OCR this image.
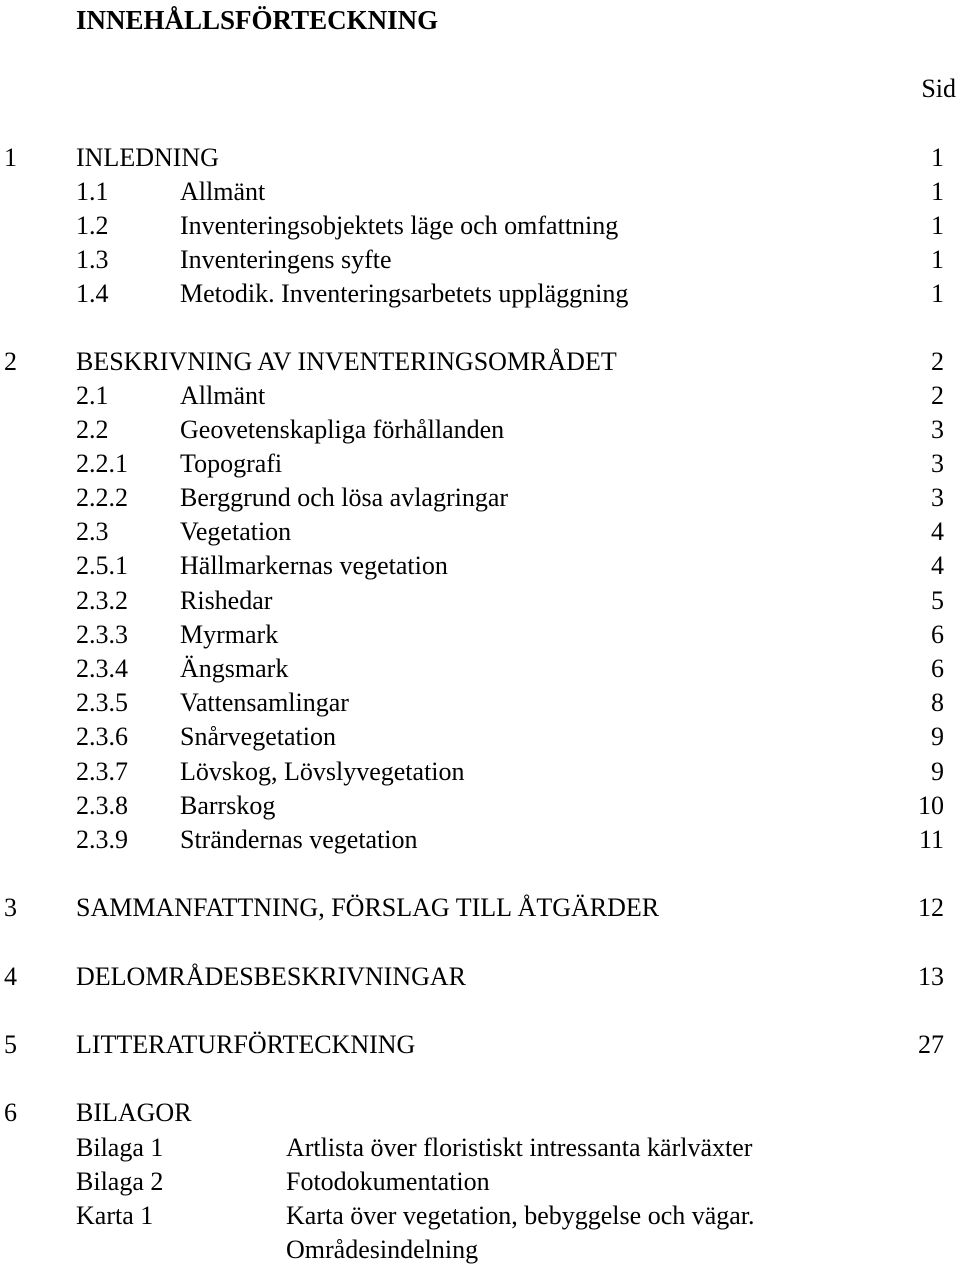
INNEHÅLLSFÖRTECKNING
Sid
1 INLEDNING	1
1.1	Allmänt	1
1.2	Inventeringsobjektets läge och omfattning	1
1.3	Inventeringens syfte	1
1.4	Metodik. Inventeringsarbetets uppläggning	1
2 BESKRIVNING AV INVENTERINGSOMRÅDET	2
2.1	Allmänt	2
2.2	Geovetenskapliga förhållanden	3
2.2.1 Topografi	3
2.2.2 Berggrund och lösa avlagringar	3
2.3	Vegetation	4
2.5.1 Hällmarkernas vegetation	4
2.3.2 Rishedar	5
2.3.3 Myrmark	6
2.3.4 Ängsmark	6
2.3.5 Vattensamlingar	8
2.3.6 Snårvegetation	9
2.3.7 Lövskog, Lövslyvegetation	9
2.3.8 Barrskog	10
2.3.9 Strändernas vegetation	11
3 SAMMANFATTNING, FÖRSLAG TILL ÅTGÄRDER	12
4 DELOMRÅDESBESKRIVNINGAR	13
5 LITTERATURFÖRTECKNING	27
6 BILAGOR
Bilaga 1	Artlista över floristiskt intressanta kärlväxter
Bilaga 2	Fotodokumentation
Karta 1	Karta över vegetation, bebyggelse och vägar.
Områdesindelning
